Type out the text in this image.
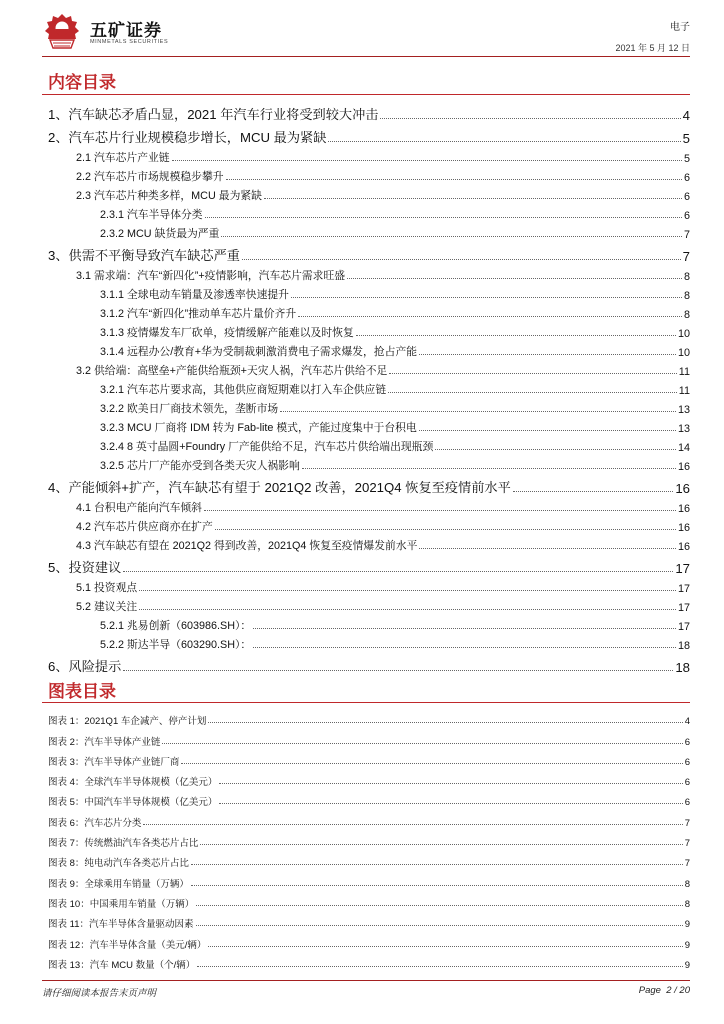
五矿证券
MINMETALS SECURITIES
电子
2021 年 5 月 12 日
内容目录
1、汽车缺芯矛盾凸显，2021 年汽车行业将受到较大冲击	4
2、汽车芯片行业规模稳步增长，MCU 最为紧缺	5
2.1 汽车芯片产业链	5
2.2 汽车芯片市场规模稳步攀升	6
2.3 汽车芯片种类多样，MCU 最为紧缺	6
2.3.1 汽车半导体分类	6
2.3.2 MCU 缺货最为严重	7
3、供需不平衡导致汽车缺芯严重	7
3.1 需求端：汽车“新四化”+疫情影响，汽车芯片需求旺盛	8
3.1.1 全球电动车销量及渗透率快速提升	8
3.1.2 汽车“新四化”推动单车芯片量价齐升	8
3.1.3 疫情爆发车厂砍单，疫情缓解产能难以及时恢复	10
3.1.4 远程办公/教育+华为受制裁刺激消费电子需求爆发，抢占产能	10
3.2 供给端：高壁垒+产能供给瓶颈+天灾人祸，汽车芯片供给不足	11
3.2.1 汽车芯片要求高，其他供应商短期难以打入车企供应链	11
3.2.2 欧美日厂商技术领先，垄断市场	13
3.2.3 MCU 厂商将 IDM 转为 Fab-lite 模式，产能过度集中于台积电	13
3.2.4 8 英寸晶圆+Foundry 厂产能供给不足，汽车芯片供给端出现瓶颈	14
3.2.5 芯片厂产能亦受到各类天灾人祸影响	16
4、产能倾斜+扩产，汽车缺芯有望于 2021Q2 改善，2021Q4 恢复至疫情前水平	16
4.1 台积电产能向汽车倾斜	16
4.2 汽车芯片供应商亦在扩产	16
4.3 汽车缺芯有望在 2021Q2 得到改善，2021Q4 恢复至疫情爆发前水平	16
5、投资建议	17
5.1 投资观点	17
5.2 建议关注	17
5.2.1 兆易创新（603986.SH）：	17
5.2.2 斯达半导（603290.SH）：	18
6、风险提示	18
图表目录
图表 1：2021Q1 车企减产、停产计划	4
图表 2：汽车半导体产业链	6
图表 3：汽车半导体产业链厂商	6
图表 4：全球汽车半导体规模（亿美元）	6
图表 5：中国汽车半导体规模（亿美元）	6
图表 6：汽车芯片分类	7
图表 7：传统燃油汽车各类芯片占比	7
图表 8：纯电动汽车各类芯片占比	7
图表 9：全球乘用车销量（万辆）	8
图表 10：中国乘用车销量（万辆）	8
图表 11：汽车半导体含量驱动因素	9
图表 12：汽车半导体含量（美元/辆）	9
图表 13：汽车 MCU 数量（个/辆）	9
请仔细阅读本报告末页声明	Page 2 / 20
